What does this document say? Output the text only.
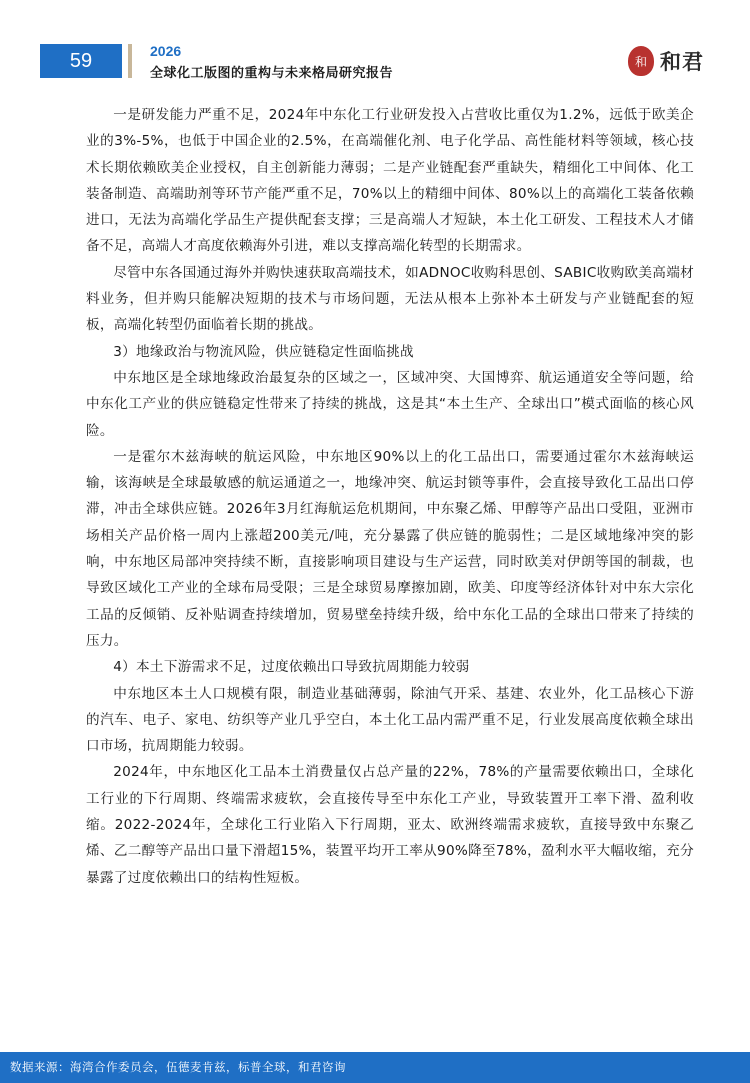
59	2026
全球化工版图的重构与未来格局研究报告
和 和君

一是研发能力严重不足，2024年中东化工行业研发投入占营收比重仅为1.2%，远低于欧美企业的3%-5%，也低于中国企业的2.5%，在高端催化剂、电子化学品、高性能材料等领域，核心技术长期依赖欧美企业授权，自主创新能力薄弱；二是产业链配套严重缺失，精细化工中间体、化工装备制造、高端助剂等环节产能严重不足，70%以上的精细中间体、80%以上的高端化工装备依赖进口，无法为高端化学品生产提供配套支撑；三是高端人才短缺，本土化工研发、工程技术人才储备不足，高端人才高度依赖海外引进，难以支撑高端化转型的长期需求。

尽管中东各国通过海外并购快速获取高端技术，如ADNOC收购科思创、SABIC收购欧美高端材料业务，但并购只能解决短期的技术与市场问题，无法从根本上弥补本土研发与产业链配套的短板，高端化转型仍面临着长期的挑战。

3）地缘政治与物流风险，供应链稳定性面临挑战

中东地区是全球地缘政治最复杂的区域之一，区域冲突、大国博弈、航运通道安全等问题，给中东化工产业的供应链稳定性带来了持续的挑战，这是其“本土生产、全球出口”模式面临的核心风险。

一是霍尔木兹海峡的航运风险，中东地区90%以上的化工品出口，需要通过霍尔木兹海峡运输，该海峡是全球最敏感的航运通道之一，地缘冲突、航运封锁等事件，会直接导致化工品出口停滞，冲击全球供应链。2026年3月红海航运危机期间，中东聚乙烯、甲醇等产品出口受阻，亚洲市场相关产品价格一周内上涨超200美元/吨，充分暴露了供应链的脆弱性；二是区域地缘冲突的影响，中东地区局部冲突持续不断，直接影响项目建设与生产运营，同时欧美对伊朗等国的制裁，也导致区域化工产业的全球布局受限；三是全球贸易摩擦加剧，欧美、印度等经济体针对中东大宗化工品的反倾销、反补贴调查持续增加，贸易壁垒持续升级，给中东化工品的全球出口带来了持续的压力。

4）本土下游需求不足，过度依赖出口导致抗周期能力较弱

中东地区本土人口规模有限，制造业基础薄弱，除油气开采、基建、农业外，化工品核心下游的汽车、电子、家电、纺织等产业几乎空白，本土化工品内需严重不足，行业发展高度依赖全球出口市场，抗周期能力较弱。

2024年，中东地区化工品本土消费量仅占总产量的22%，78%的产量需要依赖出口，全球化工行业的下行周期、终端需求疲软，会直接传导至中东化工产业，导致装置开工率下滑、盈利收缩。2022-2024年，全球化工行业陷入下行周期，亚太、欧洲终端需求疲软，直接导致中东聚乙烯、乙二醇等产品出口量下滑超15%，装置平均开工率从90%降至78%，盈利水平大幅收缩，充分暴露了过度依赖出口的结构性短板。

数据来源：海湾合作委员会，伍德麦肯兹，标普全球，和君咨询
